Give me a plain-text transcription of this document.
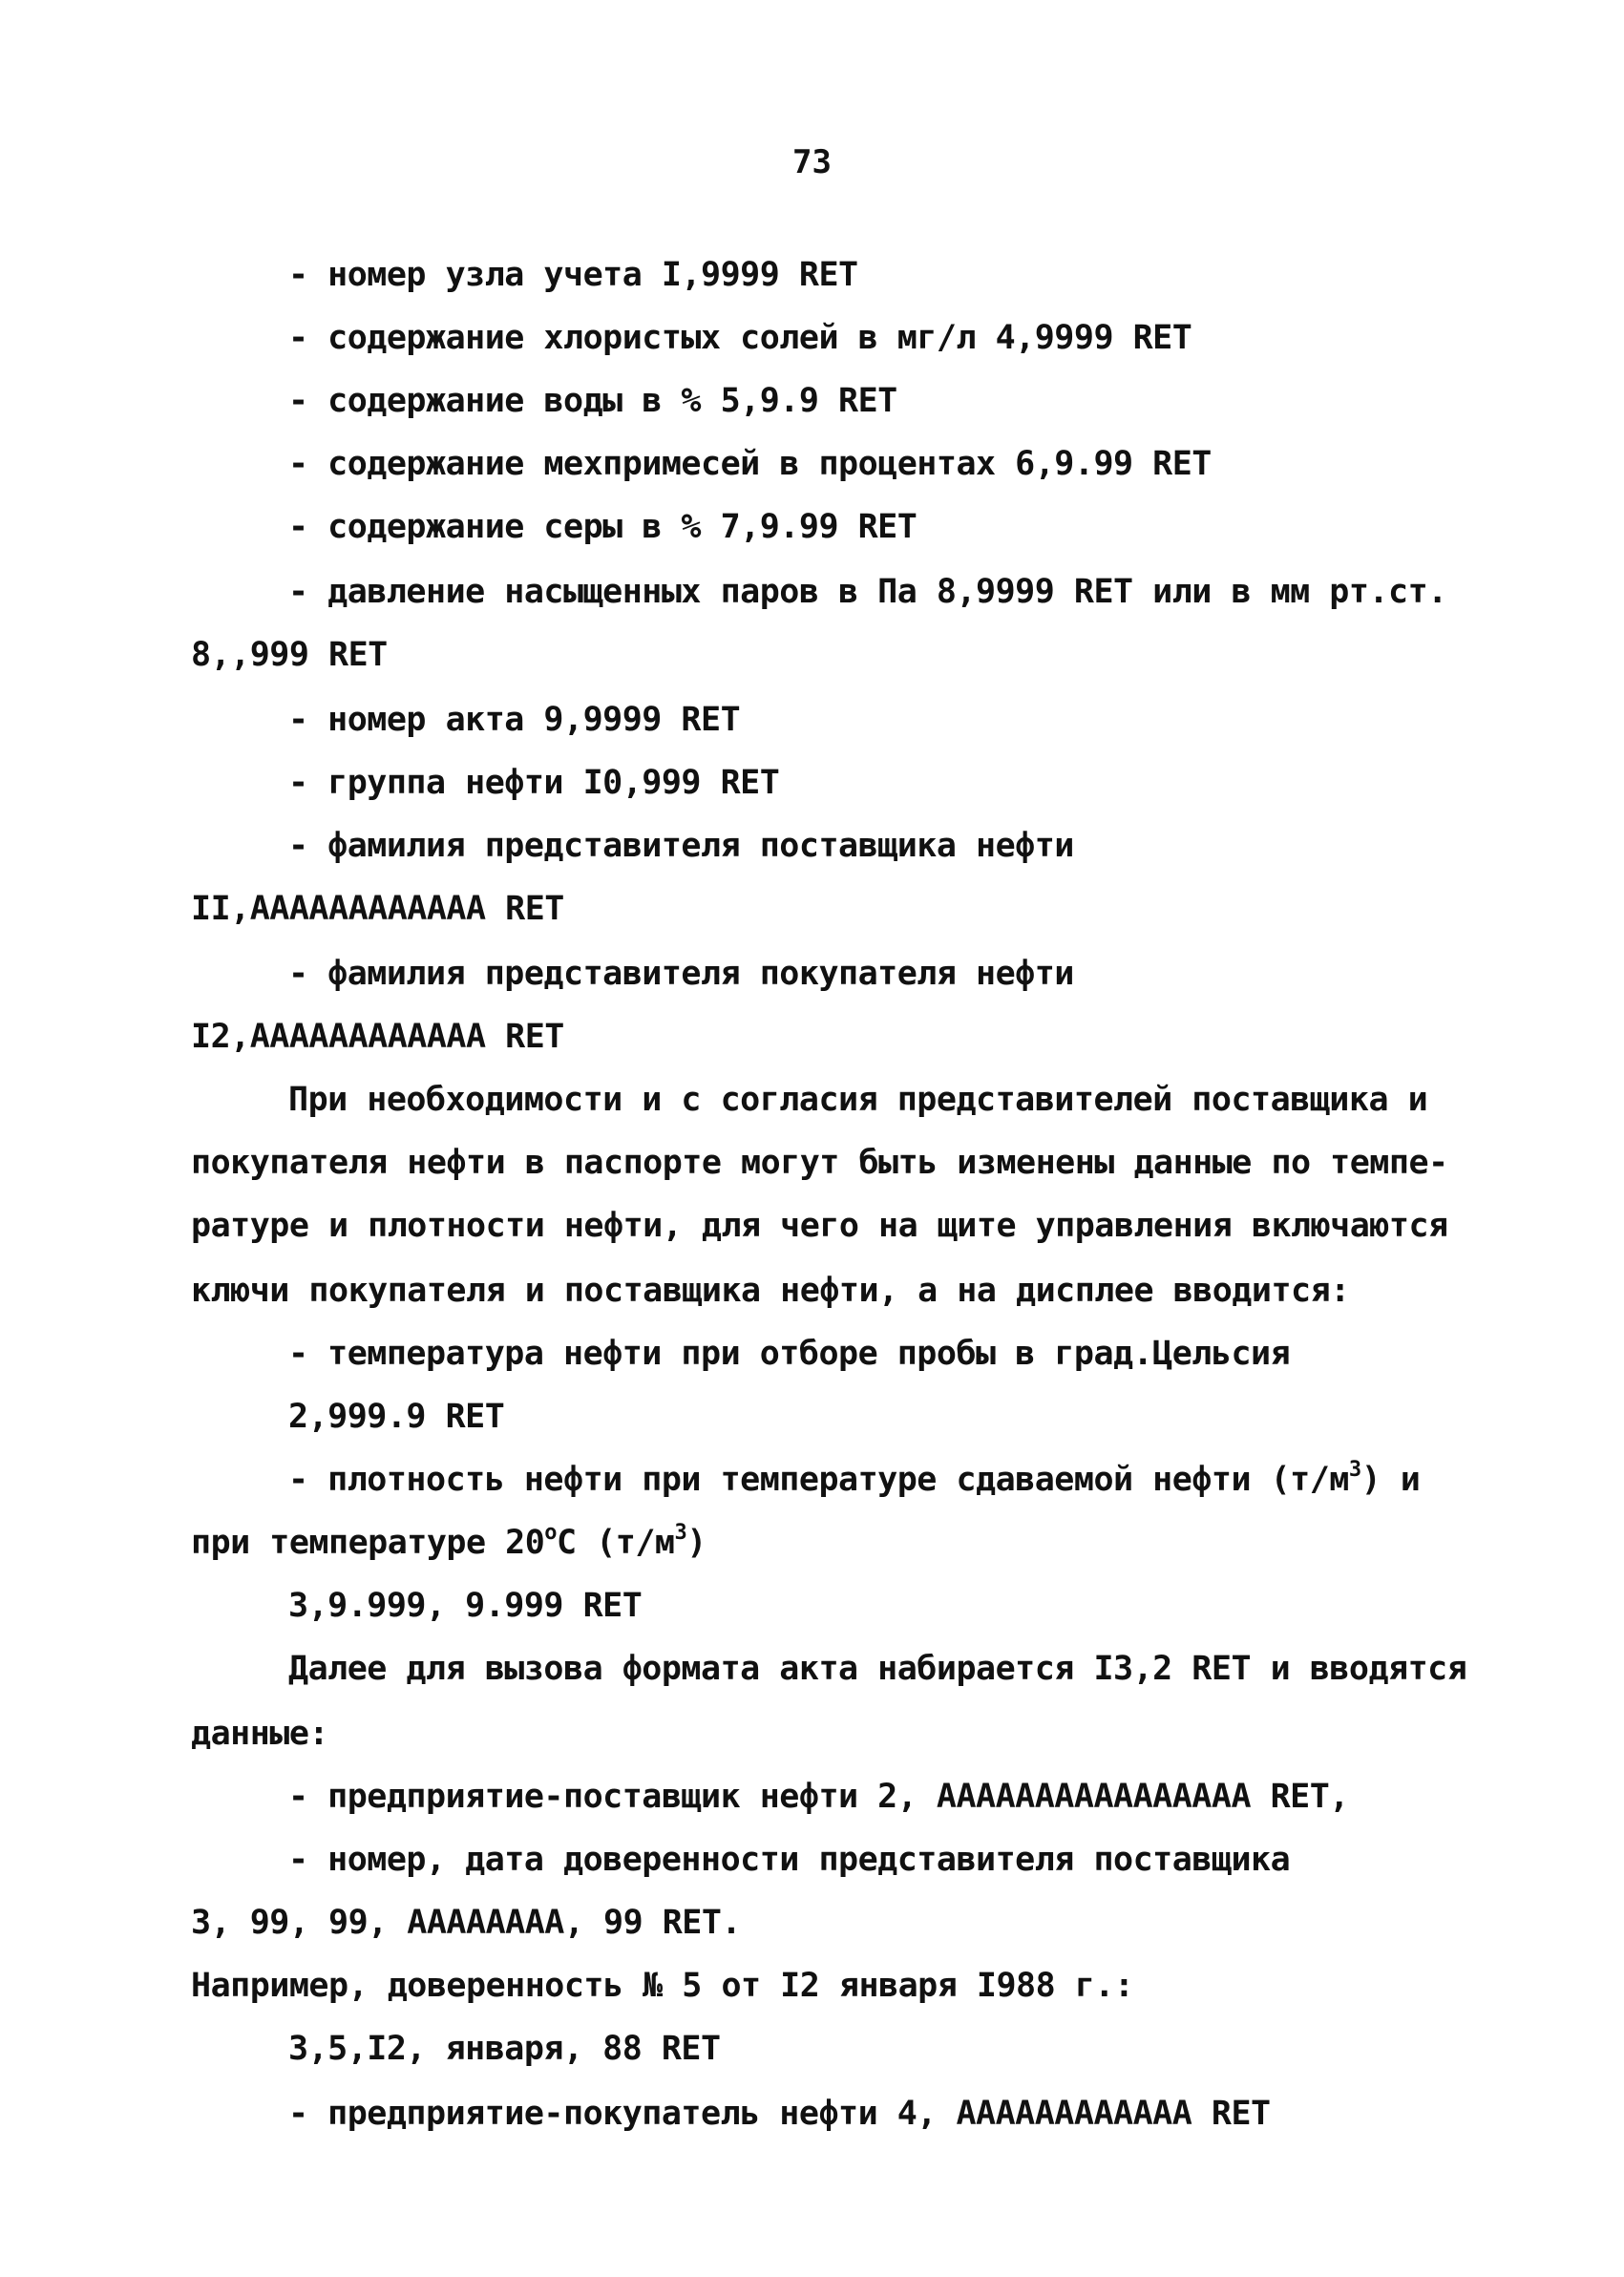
73
- номер узла учета I,9999 RET
- содержание хлористых солей в мг/л 4,9999 RET
- содержание воды в % 5,9.9 RET
- содержание мехпримесей в процентах 6,9.99 RET
- содержание серы в % 7,9.99 RET
- давление насыщенных паров в Па 8,9999 RET или в мм рт.ст.
8,,999 RET
- номер акта 9,9999 RET
- группа нефти I0,999 RET
- фамилия представителя поставщика нефти
II,АААААААААААА RET
- фамилия представителя покупателя нефти
I2,АААААААААААА RET
При необходимости и с согласия представителей поставщика и
покупателя нефти в паспорте могут быть изменены данные по темпе-
ратуре и плотности нефти, для чего на щите управления включаются
ключи покупателя и поставщика нефти, а на дисплее вводится:
- температура нефти при отборе пробы в град.Цельсия
2,999.9 RET
- плотность нефти при температуре сдаваемой нефти $(т/м^3)$ и
при температуре $20^оС$ $(т/м^3)$
3,9.999, 9.999 RET
Далее для вызова формата акта набирается I3,2 RET и вводятся
данные:
- предприятие-поставщик нефти 2, АААААААААААААААА RET,
- номер, дата доверенности представителя поставщика
3, 99, 99, АААААААА, 99 RET.
Например, доверенность № 5 от I2 января I988 г.:
3,5,I2, января, 88 RET
- предприятие-покупатель нефти 4, АААААААААААА RET
